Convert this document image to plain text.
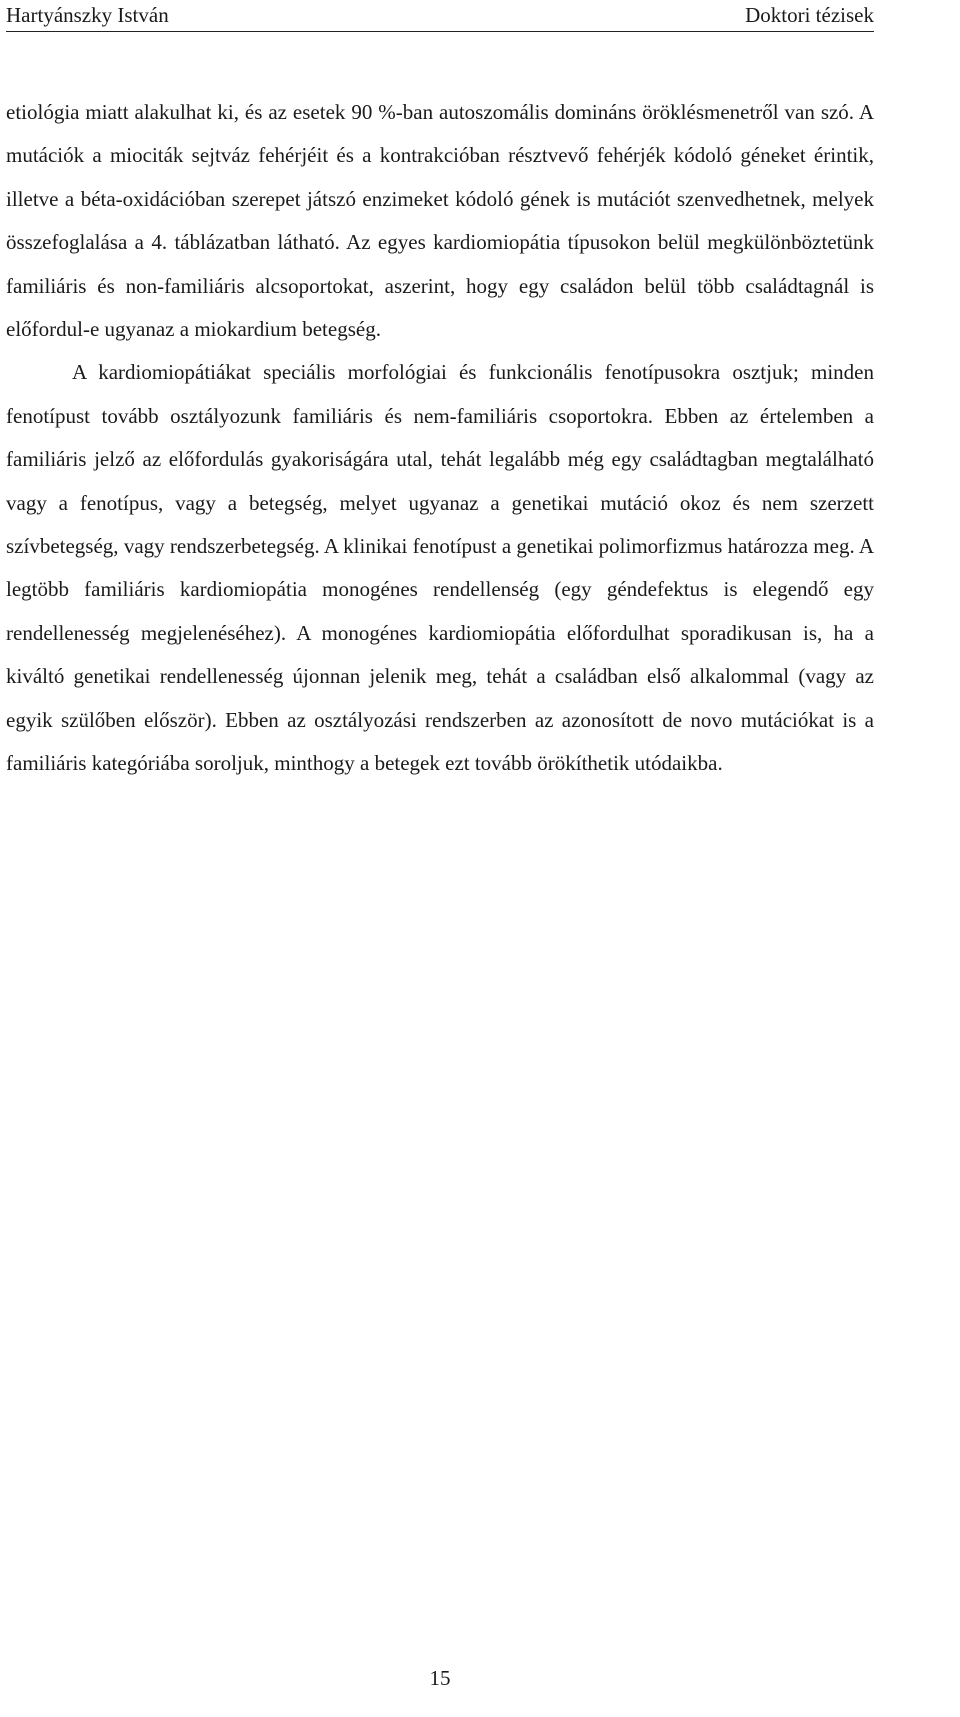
Hartyánszky István	Doktori tézisek

etiológia miatt alakulhat ki, és az esetek 90 %-ban autoszomális domináns öröklésmenetről van szó. A mutációk a miociták sejtváz fehérjéit és a kontrakcióban résztvevő fehérjék kódoló géneket érintik, illetve a béta-oxidációban szerepet játszó enzimeket kódoló gének is mutációt szenvedhetnek, melyek összefoglalása a 4. táblázatban látható. Az egyes kardiomiopátia típusokon belül megkülönböztetünk familiáris és non-familiáris alcsoportokat, aszerint, hogy egy családon belül több családtagnál is előfordul-e ugyanaz a miokardium betegség.

A kardiomiopátiákat speciális morfológiai és funkcionális fenotípusokra osztjuk; minden fenotípust tovább osztályozunk familiáris és nem-familiáris csoportokra. Ebben az értelemben a familiáris jelző az előfordulás gyakoriságára utal, tehát legalább még egy családtagban megtalálható vagy a fenotípus, vagy a betegség, melyet ugyanaz a genetikai mutáció okoz és nem szerzett szívbetegség, vagy rendszerbetegség. A klinikai fenotípust a genetikai polimorfizmus határozza meg. A legtöbb familiáris kardiomiopátia monogénes rendellenség (egy géndefektus is elegendő egy rendellenesség megjelenéséhez). A monogénes kardiomiopátia előfordulhat sporadikusan is, ha a kiváltó genetikai rendellenesség újonnan jelenik meg, tehát a családban első alkalommal (vagy az egyik szülőben először). Ebben az osztályozási rendszerben az azonosított de novo mutációkat is a familiáris kategóriába soroljuk, minthogy a betegek ezt tovább örökíthetik utódaikba.

15
